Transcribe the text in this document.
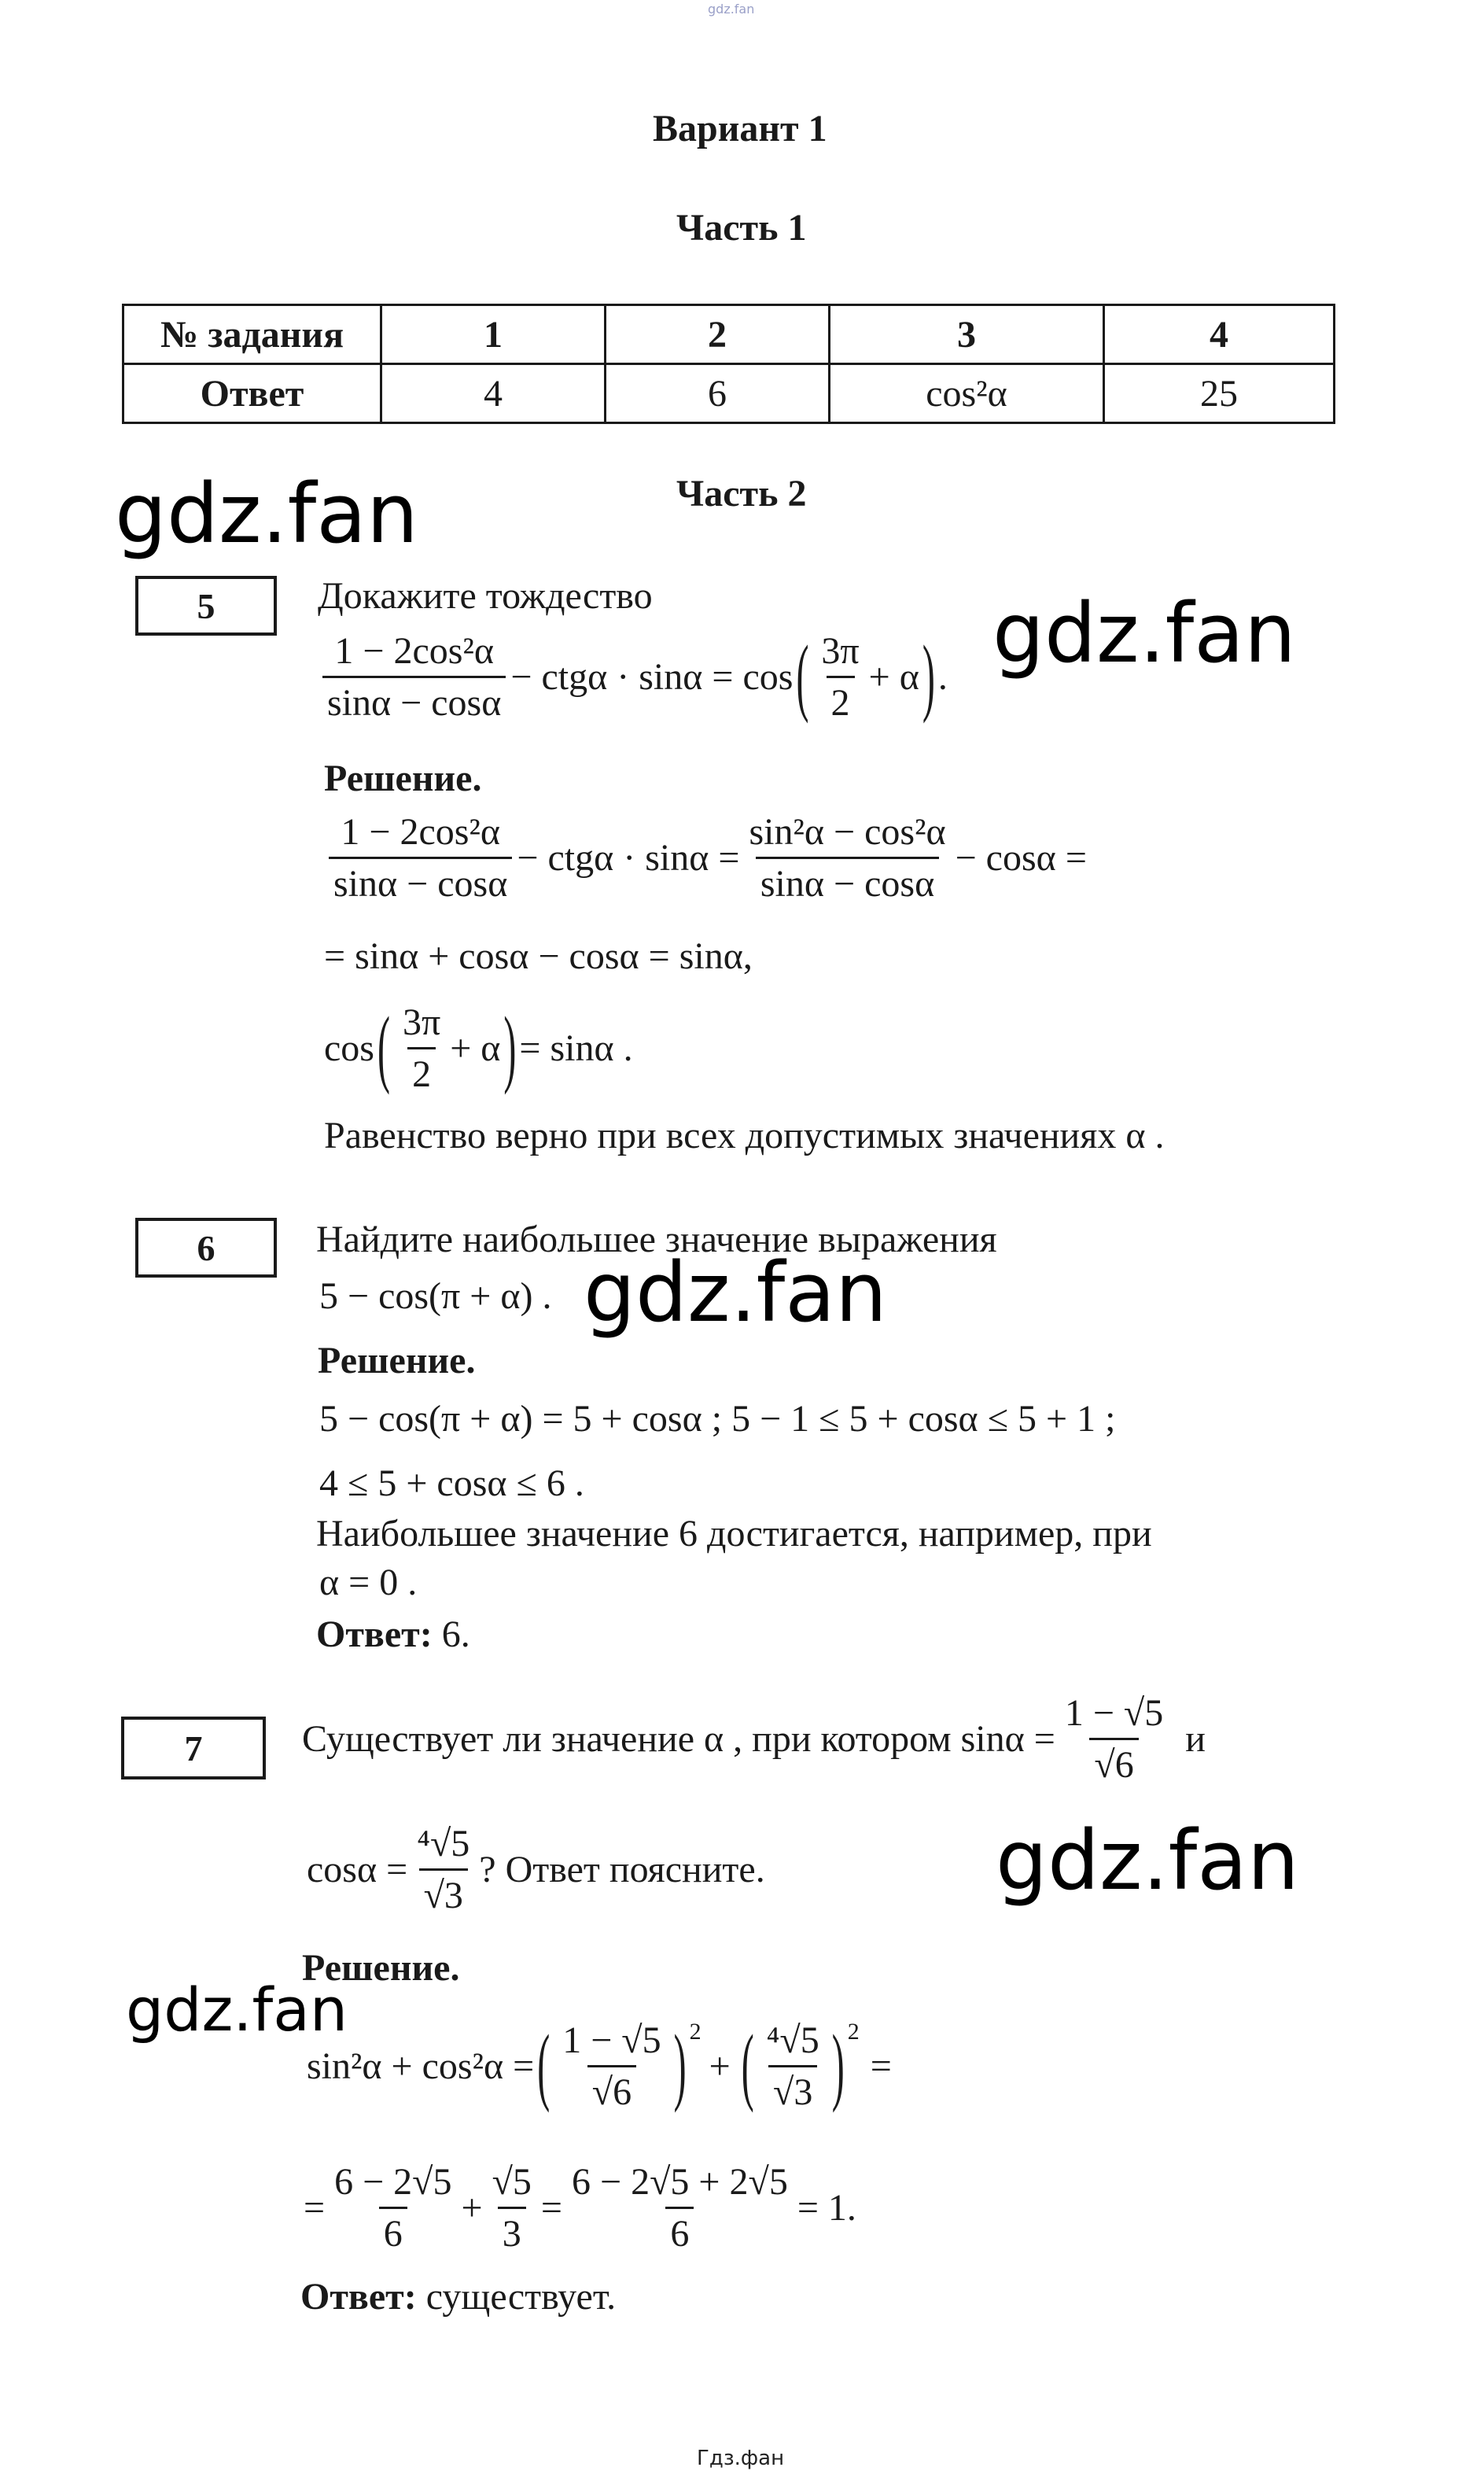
gdz.fan
Вариант 1
Часть 1
№ задания	1	2	3	4
Ответ	4	6	cos²α	25
Часть 2
5	Докажите тождество
$\frac{\text{1 − 2cos²α}}{\sin\alpha - \cos\alpha} - ctg\alpha \cdot \sin\alpha = \cos$ ( $\frac{3\pi}{2} + \alpha$ ) .
Решение.
$\frac{\text{1 − 2cos²α}}{\sin\alpha - \cos\alpha} - ctg\alpha \cdot \sin\alpha = \frac{\text{sin²α − cos²α}}{\sin\alpha - \cos\alpha} - \cos\alpha$ =
= sinα + cosα − cosα = sinα,
cos ( $\frac{3\pi}{2} + \alpha$ ) = sinα .
Равенство верно при всех допустимых значениях α .
6	Найдите наибольшее значение выражения
5 − cos(π + α) .
Решение.
5 − cos(π + α) = 5 + cosα ; 5 − 1 ≤ 5 + cosα ≤ 5 + 1 ;
4 ≤ 5 + cosα ≤ 6 .
Наибольшее значение 6 достигается, например, при
α = 0 .
Ответ: 6.
7	Существует ли значение α , при котором $\sin\alpha = \frac{1 - √5}{√6}$ и
$\cos\alpha = \frac{\text{⁴√5}}{√3}$ ? Ответ поясните.
Решение.
sin²α + cos²α = ( $\frac{1 - √5}{√6} )^2$
+ ( $\frac{\text{⁴√5}}{√3} )^2$
=
= $\frac{6 - 2√5}{6} + \frac{√5}{3} = \frac{6 - 2√5 + 2√5}{6} = 1$.
Ответ: существует.
gdz.fan
gdz.fan
gdz.fan
gdz.fan
gdz.fan
Гдз.фан
